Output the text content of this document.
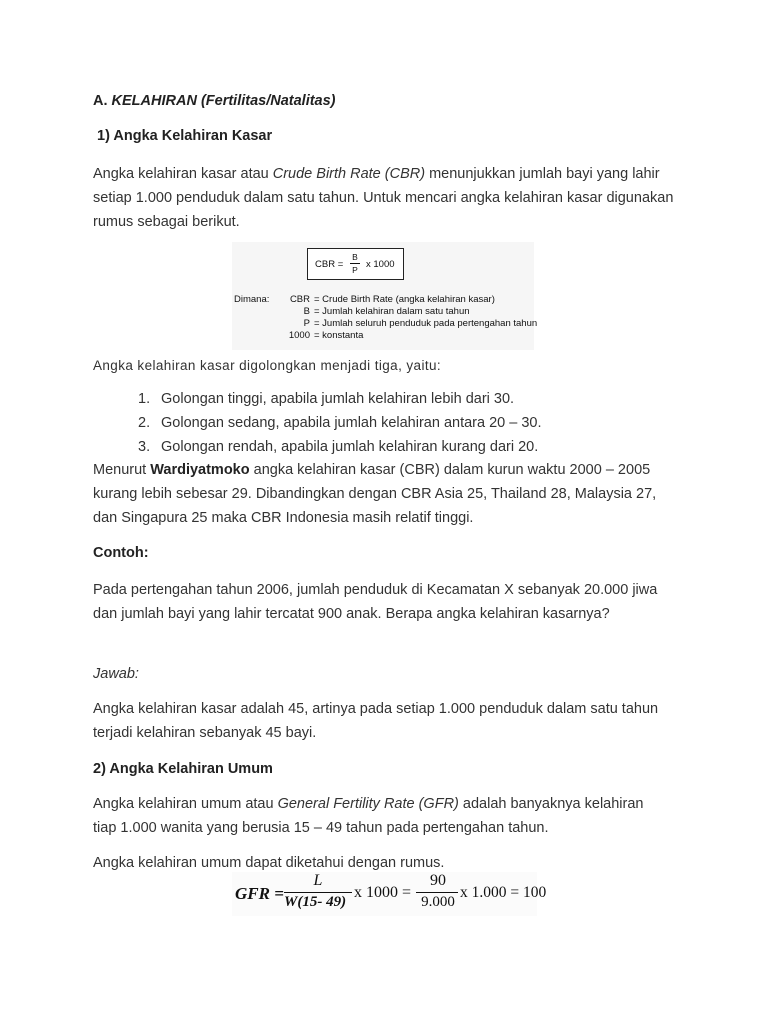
A. KELAHIRAN (Fertilitas/Natalitas)
1) Angka Kelahiran Kasar

Angka kelahiran kasar atau Crude Birth Rate (CBR) menunjukkan jumlah bayi yang lahir setiap 1.000 penduduk dalam satu tahun. Untuk mencari angka kelahiran kasar digunakan rumus sebagai berikut.

Angka kelahiran kasar digolongkan menjadi tiga, yaitu:

1. Golongan tinggi, apabila jumlah kelahiran lebih dari 30.
2. Golongan sedang, apabila jumlah kelahiran antara 20 – 30.
3. Golongan rendah, apabila jumlah kelahiran kurang dari 20.

Menurut Wardiyatmoko angka kelahiran kasar (CBR) dalam kurun waktu 2000 – 2005 kurang lebih sebesar 29. Dibandingkan dengan CBR Asia 25, Thailand 28, Malaysia 27, dan Singapura 25 maka CBR Indonesia masih relatif tinggi.

Contoh:

Pada pertengahan tahun 2006, jumlah penduduk di Kecamatan X sebanyak 20.000 jiwa dan jumlah bayi yang lahir tercatat 900 anak. Berapa angka kelahiran kasarnya?

Jawab:

Angka kelahiran kasar adalah 45, artinya pada setiap 1.000 penduduk dalam satu tahun terjadi kelahiran sebanyak 45 bayi.

2) Angka Kelahiran Umum

Angka kelahiran umum atau General Fertility Rate (GFR) adalah banyaknya kelahiran tiap 1.000 wanita yang berusia 15 – 49 tahun pada pertengahan tahun.

Angka kelahiran umum dapat diketahui dengan rumus.

CBR =
B
P x 1000
Dimana:	CBR = Crude Birth Rate (angka kelahiran kasar)
B = Jumlah kelahiran dalam satu tahun
P = Jumlah seluruh penduduk pada pertengahan tahun
1000 = konstanta
GFR =
L
W(15- 49)
x 1000 =
90
9.000
x 1.000 = 100
